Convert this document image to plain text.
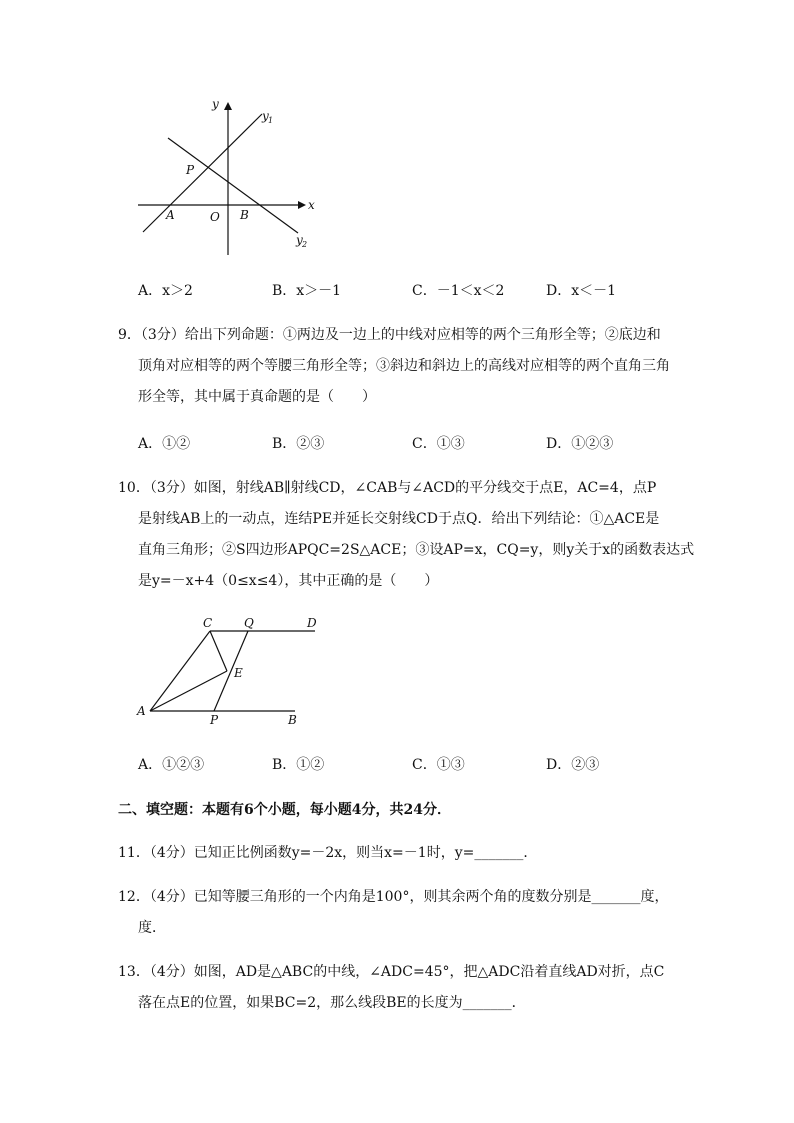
y
y 1
x
y 2
P
A	O B
A．x＞2	B．x＞－1	C．－1＜x＜2	D．x＜－1
9．（3分）给出下列命题：①两边及一边上的中线对应相等的两个三角形全等；②底边和
顶角对应相等的两个等腰三角形全等；③斜边和斜边上的高线对应相等的两个直角三角
形全等，其中属于真命题的是（　　）
A．①②	B．②③	C．①③	D．①②③
10．（3分）如图，射线AB∥射线CD，∠CAB与∠ACD的平分线交于点E，AC=4，点P
是射线AB上的一动点，连结PE并延长交射线CD于点Q．给出下列结论：①△ACE是
直角三角形；②S四边形APQC=2S△ACE；③设AP=x，CQ=y，则y关于x的函数表达式
是y=－x+4（0≤x≤4），其中正确的是（　　）
C	Q	D
E
A
P	B
A．①②③	B．①②	C．①③	D．②③
二、填空题：本题有6个小题，每小题4分，共24分．
11．（4分）已知正比例函数y=－2x，则当x=－1时，y=_______．
12．（4分）已知等腰三角形的一个内角是100°，则其余两个角的度数分别是_______度，
度．
13．（4分）如图，AD是△ABC的中线，∠ADC=45°，把△ADC沿着直线AD对折，点C
落在点E的位置，如果BC=2，那么线段BE的长度为_______．
